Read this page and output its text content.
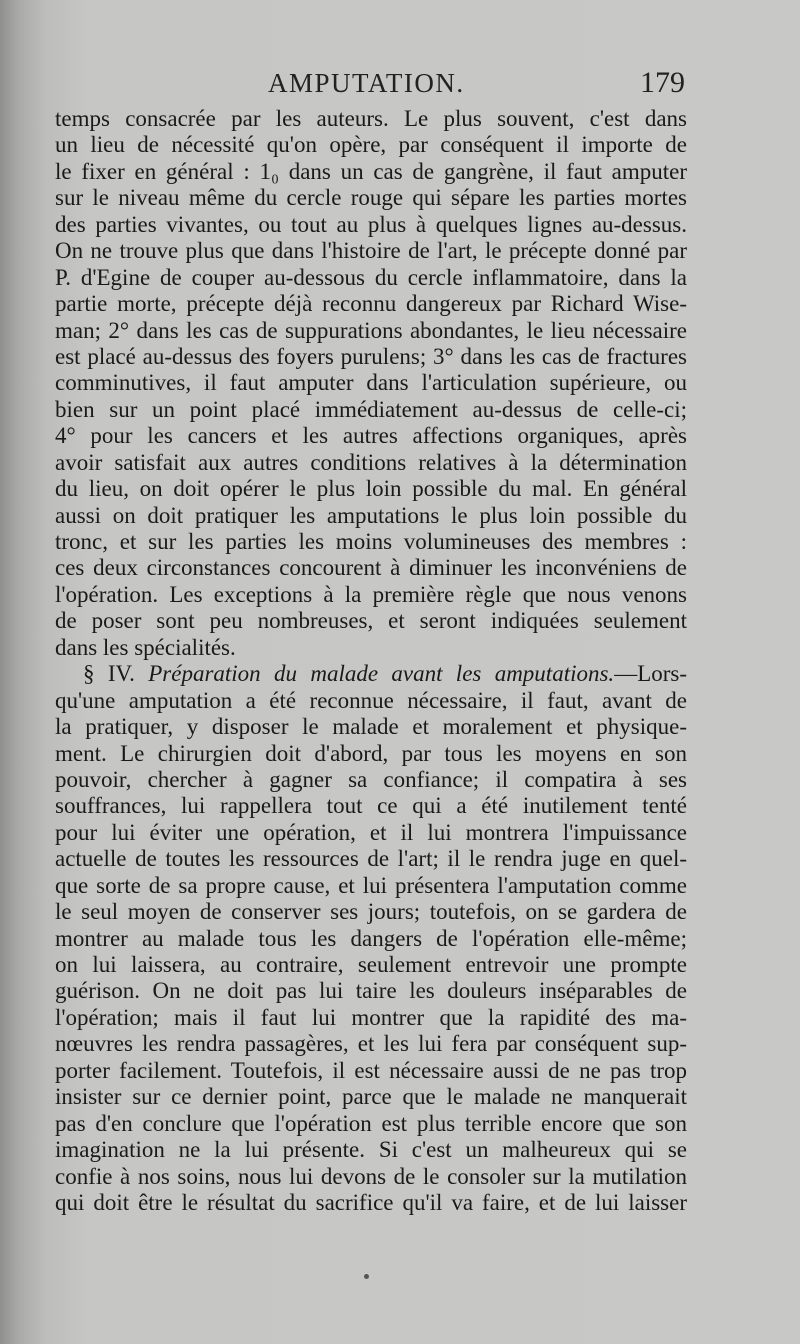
AMPUTATION.	179
temps consacrée par les auteurs. Le plus souvent, c'est dans
un lieu de nécessité qu'on opère, par conséquent il importe de
le fixer en général : 1₀ dans un cas de gangrène, il faut amputer
sur le niveau même du cercle rouge qui sépare les parties mortes
des parties vivantes, ou tout au plus à quelques lignes au-dessus.
On ne trouve plus que dans l'histoire de l'art, le précepte donné par
P. d'Egine de couper au-dessous du cercle inflammatoire, dans la
partie morte, précepte déjà reconnu dangereux par Richard Wise-
man; 2° dans les cas de suppurations abondantes, le lieu nécessaire
est placé au-dessus des foyers purulens; 3° dans les cas de fractures
comminutives, il faut amputer dans l'articulation supérieure, ou
bien sur un point placé immédiatement au-dessus de celle-ci;
4° pour les cancers et les autres affections organiques, après
avoir satisfait aux autres conditions relatives à la détermination
du lieu, on doit opérer le plus loin possible du mal. En général
aussi on doit pratiquer les amputations le plus loin possible du
tronc, et sur les parties les moins volumineuses des membres :
ces deux circonstances concourent à diminuer les inconvéniens de
l'opération. Les exceptions à la première règle que nous venons
de poser sont peu nombreuses, et seront indiquées seulement
dans les spécialités.
§ IV. Préparation du malade avant les amputations.—Lors-
qu'une amputation a été reconnue nécessaire, il faut, avant de
la pratiquer, y disposer le malade et moralement et physique-
ment. Le chirurgien doit d'abord, par tous les moyens en son
pouvoir, chercher à gagner sa confiance; il compatira à ses
souffrances, lui rappellera tout ce qui a été inutilement tenté
pour lui éviter une opération, et il lui montrera l'impuissance
actuelle de toutes les ressources de l'art; il le rendra juge en quel-
que sorte de sa propre cause, et lui présentera l'amputation comme
le seul moyen de conserver ses jours; toutefois, on se gardera de
montrer au malade tous les dangers de l'opération elle-même;
on lui laissera, au contraire, seulement entrevoir une prompte
guérison. On ne doit pas lui taire les douleurs inséparables de
l'opération; mais il faut lui montrer que la rapidité des ma-
nœuvres les rendra passagères, et les lui fera par conséquent sup-
porter facilement. Toutefois, il est nécessaire aussi de ne pas trop
insister sur ce dernier point, parce que le malade ne manquerait
pas d'en conclure que l'opération est plus terrible encore que son
imagination ne la lui présente. Si c'est un malheureux qui se
confie à nos soins, nous lui devons de le consoler sur la mutilation
qui doit être le résultat du sacrifice qu'il va faire, et de lui laisser
